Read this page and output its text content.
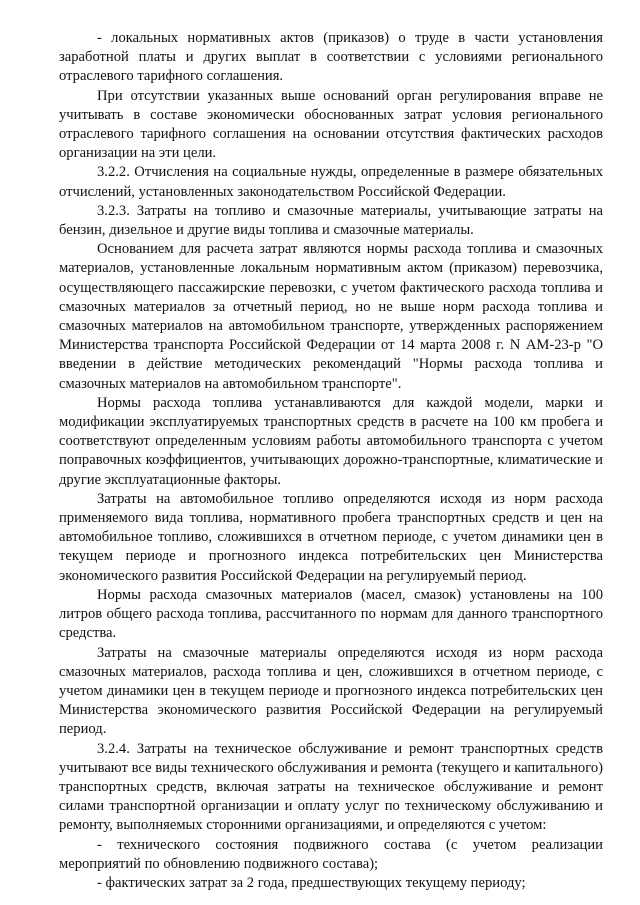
- локальных нормативных актов (приказов) о труде в части установления заработной платы и других выплат в соответствии с условиями регионального отраслевого тарифного соглашения.

При отсутствии указанных выше оснований орган регулирования вправе не учитывать в составе экономически обоснованных затрат условия регионального отраслевого тарифного соглашения на основании отсутствия фактических расходов организации на эти цели.

3.2.2. Отчисления на социальные нужды, определенные в размере обязательных отчислений, установленных законодательством Российской Федерации.

3.2.3. Затраты на топливо и смазочные материалы, учитывающие затраты на бензин, дизельное и другие виды топлива и смазочные материалы.

Основанием для расчета затрат являются нормы расхода топлива и смазочных материалов, установленные локальным нормативным актом (приказом) перевозчика, осуществляющего пассажирские перевозки, с учетом фактического расхода топлива и смазочных материалов за отчетный период, но не выше норм расхода топлива и смазочных материалов на автомобильном транспорте, утвержденных распоряжением Министерства транспорта Российской Федерации от 14 марта 2008 г. N АМ-23-р "О введении в действие методических рекомендаций "Нормы расхода топлива и смазочных материалов на автомобильном транспорте".

Нормы расхода топлива устанавливаются для каждой модели, марки и модификации эксплуатируемых транспортных средств в расчете на 100 км пробега и соответствуют определенным условиям работы автомобильного транспорта с учетом поправочных коэффициентов, учитывающих дорожно-транспортные, климатические и другие эксплуатационные факторы.

Затраты на автомобильное топливо определяются исходя из норм расхода применяемого вида топлива, нормативного пробега транспортных средств и цен на автомобильное топливо, сложившихся в отчетном периоде, с учетом динамики цен в текущем периоде и прогнозного индекса потребительских цен Министерства экономического развития Российской Федерации на регулируемый период.

Нормы расхода смазочных материалов (масел, смазок) установлены на 100 литров общего расхода топлива, рассчитанного по нормам для данного транспортного средства.

Затраты на смазочные материалы определяются исходя из норм расхода смазочных материалов, расхода топлива и цен, сложившихся в отчетном периоде, с учетом динамики цен в текущем периоде и прогнозного индекса потребительских цен Министерства экономического развития Российской Федерации на регулируемый период.

3.2.4. Затраты на техническое обслуживание и ремонт транспортных средств учитывают все виды технического обслуживания и ремонта (текущего и капитального) транспортных средств, включая затраты на техническое обслуживание и ремонт силами транспортной организации и оплату услуг по техническому обслуживанию и ремонту, выполняемых сторонними организациями, и определяются с учетом:

- технического состояния подвижного состава (с учетом реализации мероприятий по обновлению подвижного состава);

- фактических затрат за 2 года, предшествующих текущему периоду;
